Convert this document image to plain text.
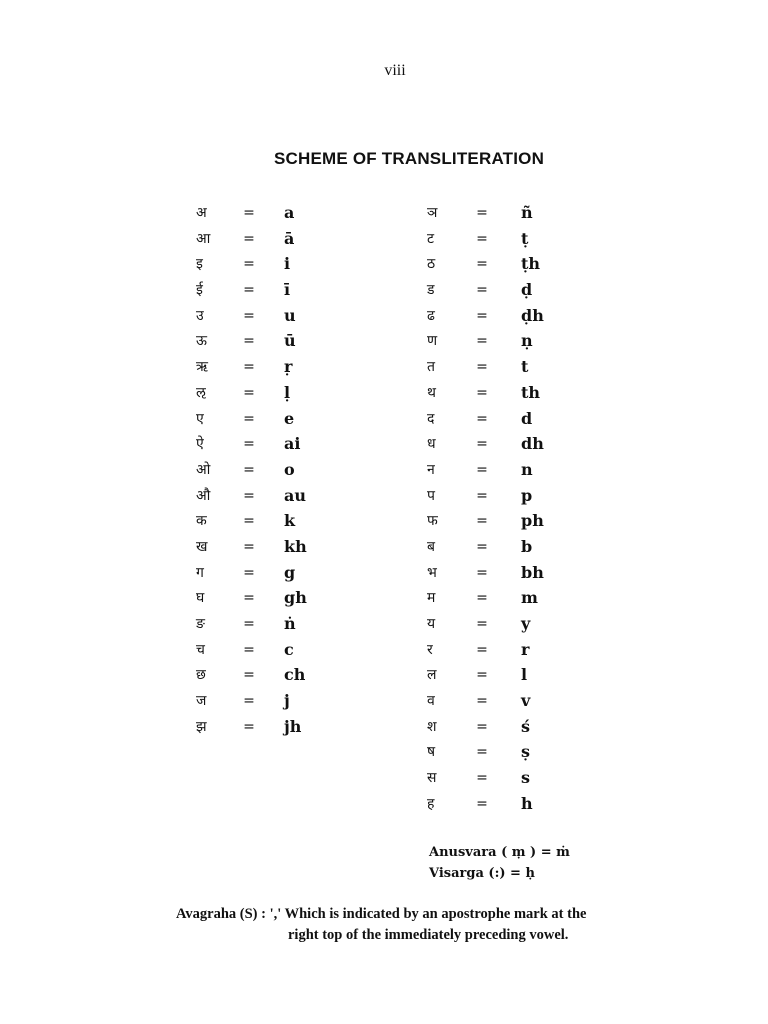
viii
SCHEME OF TRANSLITERATION
अ	= a
आ	= ā
इ	= i
ई	= ī
उ	= u
ऊ	= ū
ऋ	= ṛ
ऌ	= ḷ
ए	= e
ऐ	= ai
ओ	= o
औ	= au
क	= k
ख	= kh
ग	= g
घ	= gh
ङ	= ṅ
च	= c
छ	= ch
ज	= j
झ	= jh
ञ	= ñ
ट	= ṭ
ठ	= ṭh
ड	= ḍ
ढ	= ḍh
ण	= ṇ
त	= t
थ	= th
द	= d
ध	= dh
न	= n
प	= p
फ	= ph
ब	= b
भ	= bh
म	= m
य	= y
र	= r
ल	= l
व	= v
श	= ś
ष	= ṣ
स	= s
ह	= h
Anusvara ( ṃ ) = ṁ
Visarga (:) = ḥ
Avagraha (S) : ',' Which is indicated by an apostrophe mark at the
right top of the immediately preceding vowel.
